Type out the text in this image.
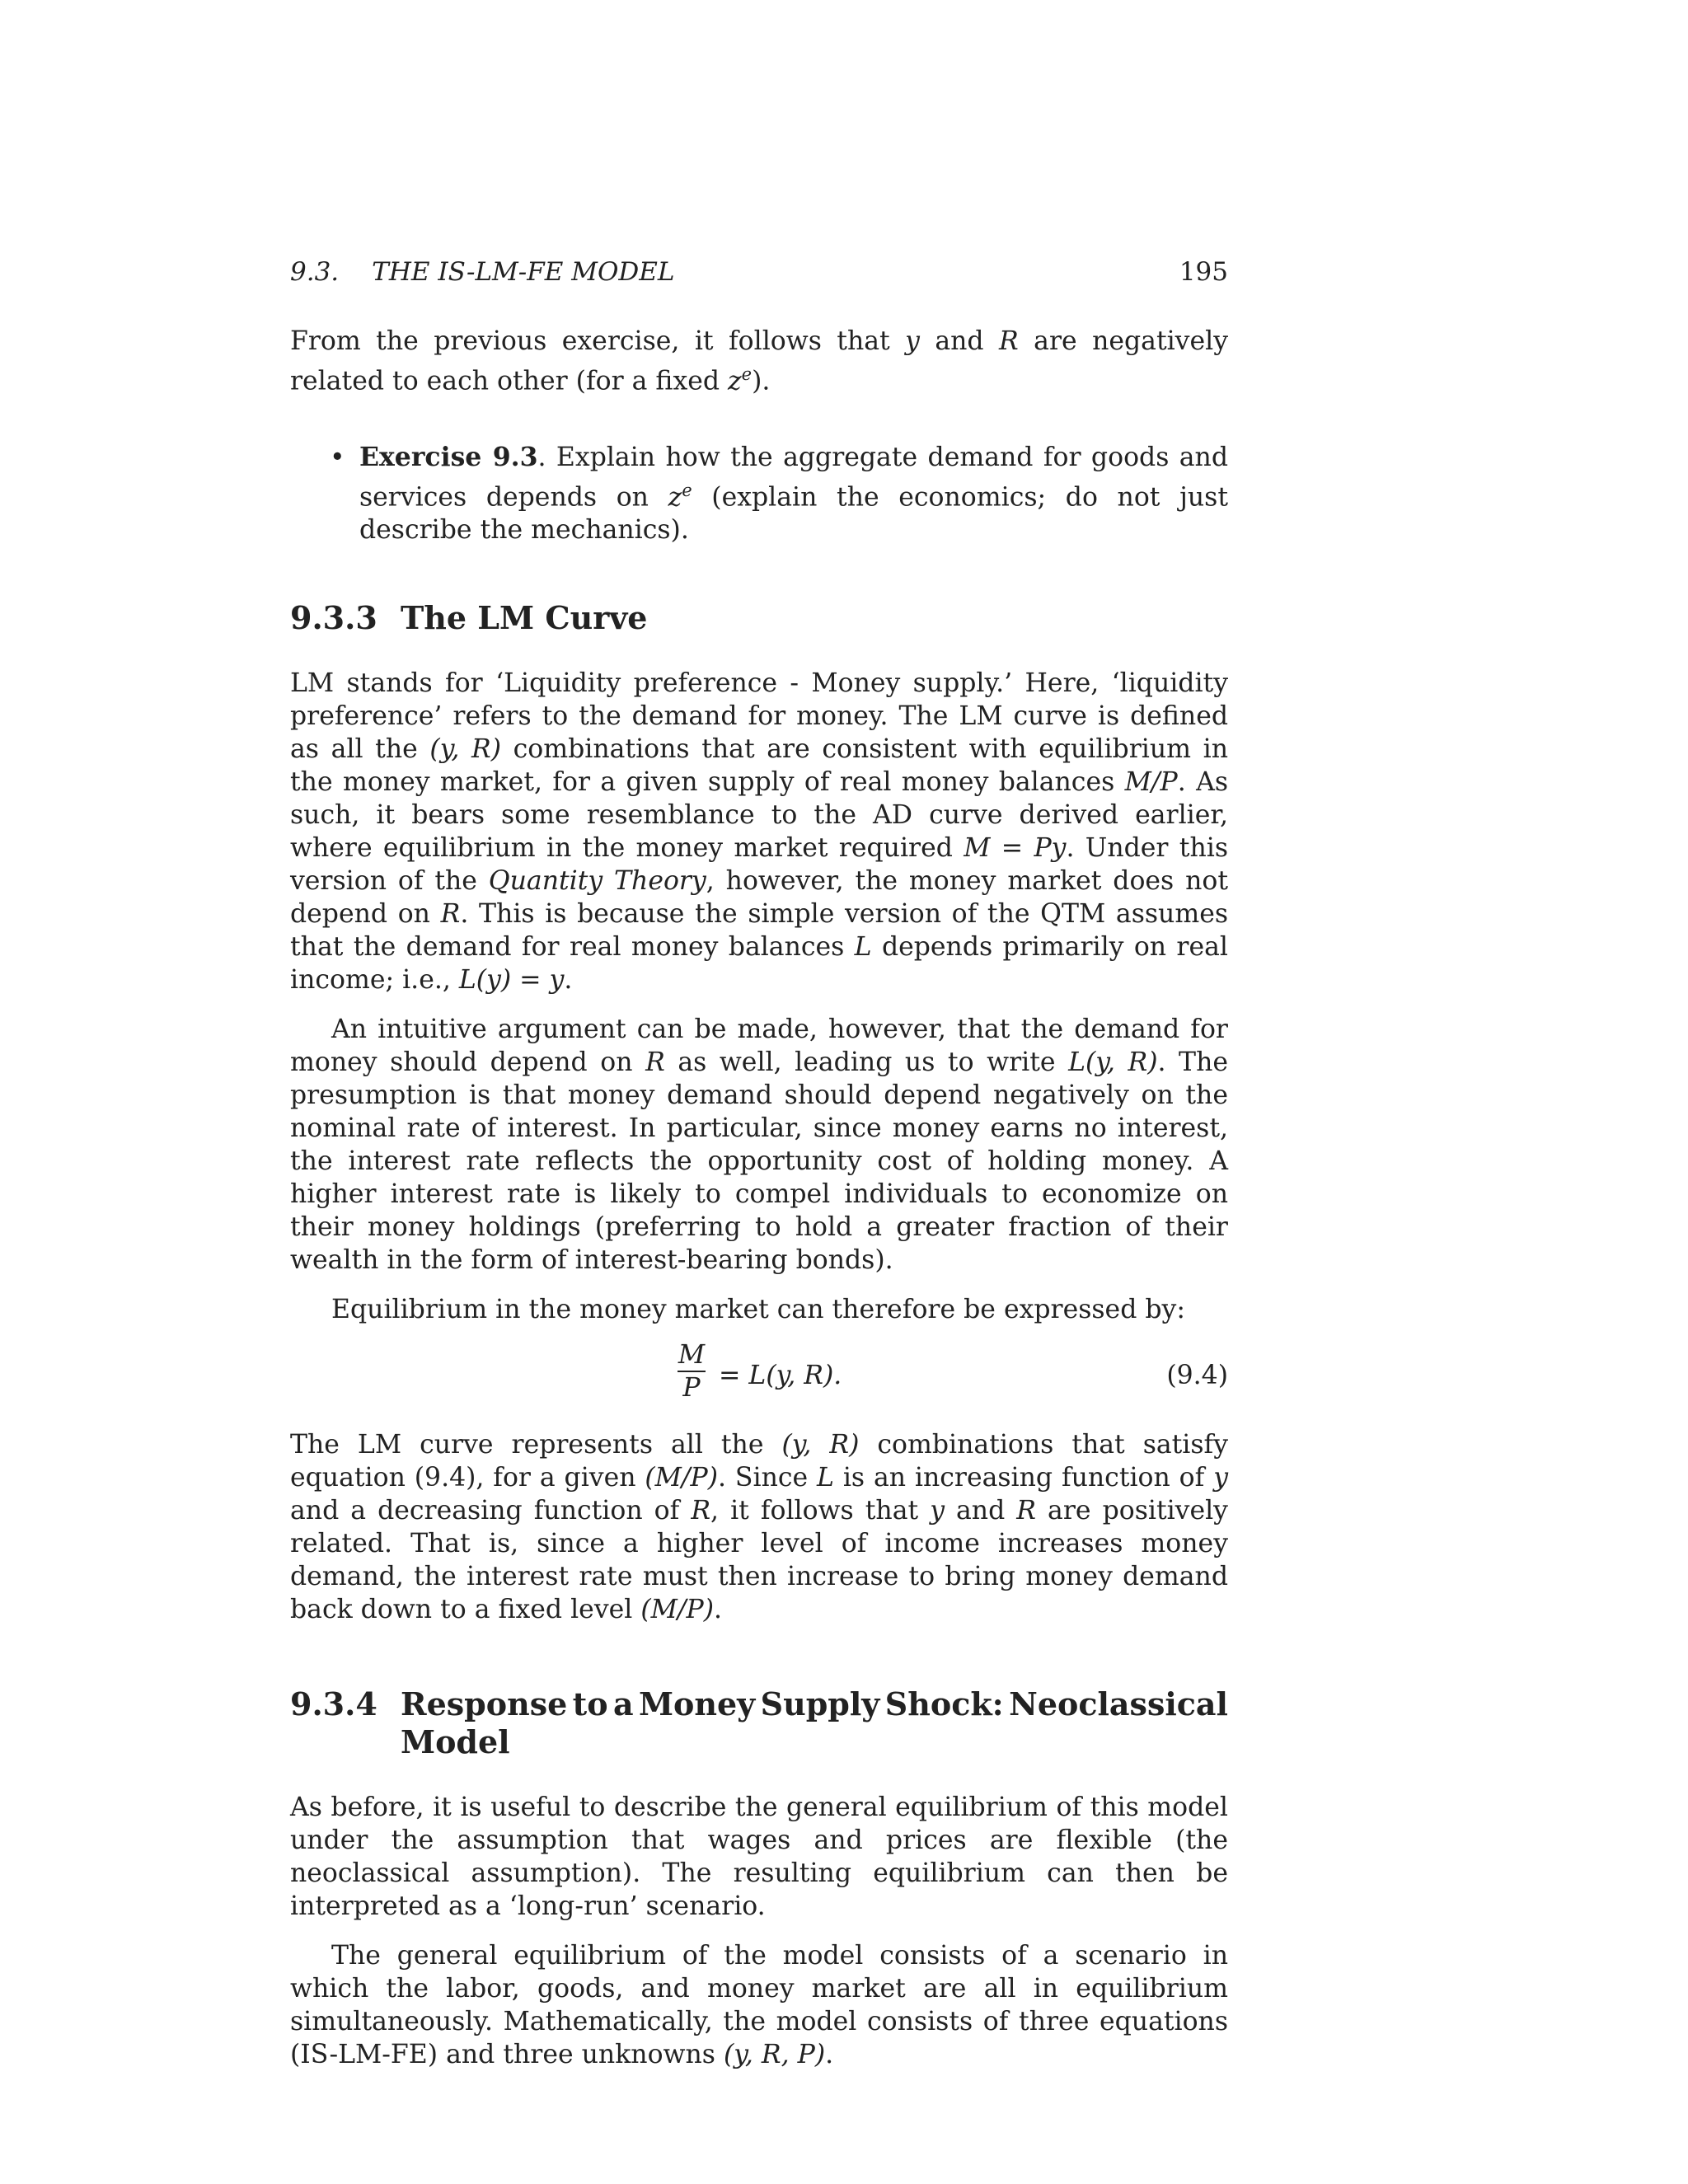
9.3. THE IS-LM-FE MODEL	195

From the previous exercise, it follows that y and R are negatively related to each other (for a fixed $z^e$).

• Exercise 9.3. Explain how the aggregate demand for goods and services depends on $z^e$ (explain the economics; do not just describe the mechanics).

9.3.3 The LM Curve

LM stands for ‘Liquidity preference - Money supply.’ Here, ‘liquidity preference’ refers to the demand for money. The LM curve is defined as all the (y, R) combinations that are consistent with equilibrium in the money market, for a given supply of real money balances M/P. As such, it bears some resemblance to the AD curve derived earlier, where equilibrium in the money market required M = Py. Under this version of the Quantity Theory, however, the money market does not depend on R. This is because the simple version of the QTM assumes that the demand for real money balances L depends primarily on real income; i.e., L(y) = y.

An intuitive argument can be made, however, that the demand for money should depend on R as well, leading us to write L(y, R). The presumption is that money demand should depend negatively on the nominal rate of interest. In particular, since money earns no interest, the interest rate reflects the opportunity cost of holding money. A higher interest rate is likely to compel individuals to economize on their money holdings (preferring to hold a greater fraction of their wealth in the form of interest-bearing bonds).

Equilibrium in the money market can therefore be expressed by:

M
P = L(y, R).	(9.4)

The LM curve represents all the (y, R) combinations that satisfy equation (9.4), for a given (M/P). Since L is an increasing function of y and a decreasing function of R, it follows that y and R are positively related. That is, since a higher level of income increases money demand, the interest rate must then increase to bring money demand back down to a fixed level (M/P).

9.3.4 Response to a Money Supply Shock: Neoclassical
Model

As before, it is useful to describe the general equilibrium of this model under the assumption that wages and prices are flexible (the neoclassical assumption). The resulting equilibrium can then be interpreted as a ‘long-run’ scenario.

The general equilibrium of the model consists of a scenario in which the labor, goods, and money market are all in equilibrium simultaneously. Mathematically, the model consists of three equations (IS-LM-FE) and three unknowns (y, R, P).
